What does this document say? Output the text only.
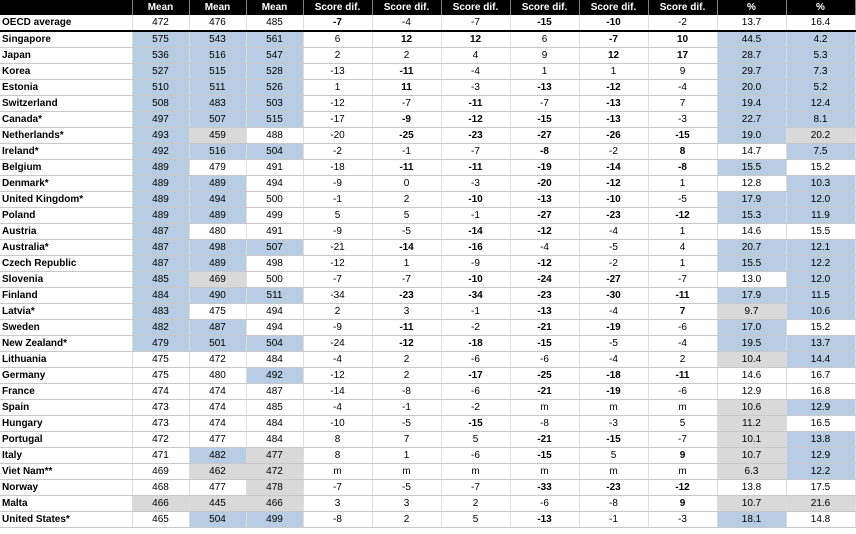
	Mean	Mean	Mean	Score dif.	Score dif.	Score dif.	Score dif.	Score dif.	Score dif.	%	%
OECD average	472	476	485	-7	-4	-7	-15	-10	-2	13.7	16.4
Singapore	575	543	561	6	12	12	6	-7	10	44.5	4.2
Japan	536	516	547	2	2	4	9	12	17	28.7	5.3
Korea	527	515	528	-13	-11	-4	1	1	9	29.7	7.3
Estonia	510	511	526	1	11	-3	-13	-12	-4	20.0	5.2
Switzerland	508	483	503	-12	-7	-11	-7	-13	7	19.4	12.4
Canada*	497	507	515	-17	-9	-12	-15	-13	-3	22.7	8.1
Netherlands*	493	459	488	-20	-25	-23	-27	-26	-15	19.0	20.2
Ireland*	492	516	504	-2	-1	-7	-8	-2	8	14.7	7.5
Belgium	489	479	491	-18	-11	-11	-19	-14	-8	15.5	15.2
Denmark*	489	489	494	-9	0	-3	-20	-12	1	12.8	10.3
United Kingdom*	489	494	500	-1	2	-10	-13	-10	-5	17.9	12.0
Poland	489	489	499	5	5	-1	-27	-23	-12	15.3	11.9
Austria	487	480	491	-9	-5	-14	-12	-4	1	14.6	15.5
Australia*	487	498	507	-21	-14	-16	-4	-5	4	20.7	12.1
Czech Republic	487	489	498	-12	1	-9	-12	-2	1	15.5	12.2
Slovenia	485	469	500	-7	-7	-10	-24	-27	-7	13.0	12.0
Finland	484	490	511	-34	-23	-34	-23	-30	-11	17.9	11.5
Latvia*	483	475	494	2	3	-1	-13	-4	7	9.7	10.6
Sweden	482	487	494	-9	-11	-2	-21	-19	-6	17.0	15.2
New Zealand*	479	501	504	-24	-12	-18	-15	-5	-4	19.5	13.7
Lithuania	475	472	484	-4	2	-6	-6	-4	2	10.4	14.4
Germany	475	480	492	-12	2	-17	-25	-18	-11	14.6	16.7
France	474	474	487	-14	-8	-6	-21	-19	-6	12.9	16.8
Spain	473	474	485	-4	-1	-2	m	m	m	10.6	12.9
Hungary	473	474	484	-10	-5	-15	-8	-3	5	11.2	16.5
Portugal	472	477	484	8	7	5	-21	-15	-7	10.1	13.8
Italy	471	482	477	8	1	-6	-15	5	9	10.7	12.9
Viet Nam**	469	462	472	m	m	m	m	m	m	6.3	12.2
Norway	468	477	478	-7	-5	-7	-33	-23	-12	13.8	17.5
Malta	466	445	466	3	3	2	-6	-8	9	10.7	21.6
United States*	465	504	499	-8	2	5	-13	-1	-3	18.1	14.8
